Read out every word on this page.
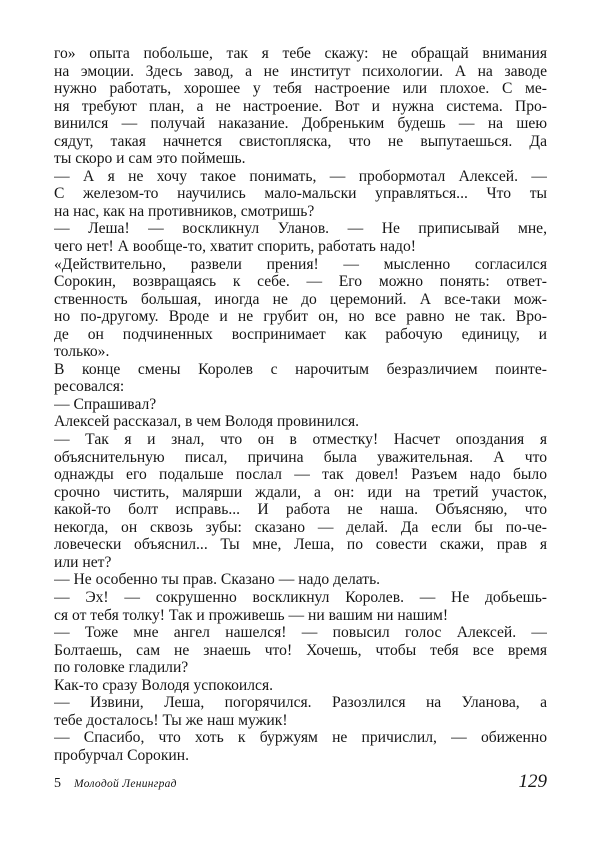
го» опыта побольше, так я тебе скажу: не обращай внимания
на эмоции. Здесь завод, а не институт психологии. А на заводе
нужно работать, хорошее у тебя настроение или плохое. С ме-
ня требуют план, а не настроение. Вот и нужна система. Про-
винился — получай наказание. Добреньким будешь — на шею
сядут, такая начнется свистопляска, что не выпутаешься. Да
ты скоро и сам это поймешь.
— А я не хочу такое понимать, — пробормотал Алексей. —
С железом-то научились мало-мальски управляться... Что ты
на нас, как на противников, смотришь?
— Леша! — воскликнул Уланов. — Не приписывай мне,
чего нет! А вообще-то, хватит спорить, работать надо!
«Действительно, развели прения! — мысленно согласился
Сорокин, возвращаясь к себе. — Его можно понять: ответ-
ственность большая, иногда не до церемоний. А все-таки мож-
но по-другому. Вроде и не грубит он, но все равно не так. Вро-
де он подчиненных воспринимает как рабочую единицу, и
только».
В конце смены Королев с нарочитым безразличием поинте-
ресовался:
— Спрашивал?
Алексей рассказал, в чем Володя провинился.
— Так я и знал, что он в отместку! Насчет опоздания я
объяснительную писал, причина была уважительная. А что
однажды его подальше послал — так довел! Разъем надо было
срочно чистить, малярши ждали, а он: иди на третий участок,
какой-то болт исправь... И работа не наша. Объясняю, что
некогда, он сквозь зубы: сказано — делай. Да если бы по-че-
ловечески объяснил... Ты мне, Леша, по совести скажи, прав я
или нет?
— Не особенно ты прав. Сказано — надо делать.
— Эх! — сокрушенно воскликнул Королев. — Не добьешь-
ся от тебя толку! Так и проживешь — ни вашим ни нашим!
— Тоже мне ангел нашелся! — повысил голос Алексей. —
Болтаешь, сам не знаешь что! Хочешь, чтобы тебя все время
по головке гладили?
Как-то сразу Володя успокоился.
— Извини, Леша, погорячился. Разозлился на Уланова, а
тебе досталось! Ты же наш мужик!
— Спасибо, что хоть к буржуям не причислил, — обиженно
пробурчал Сорокин.
5 Молодой Ленинград	129
